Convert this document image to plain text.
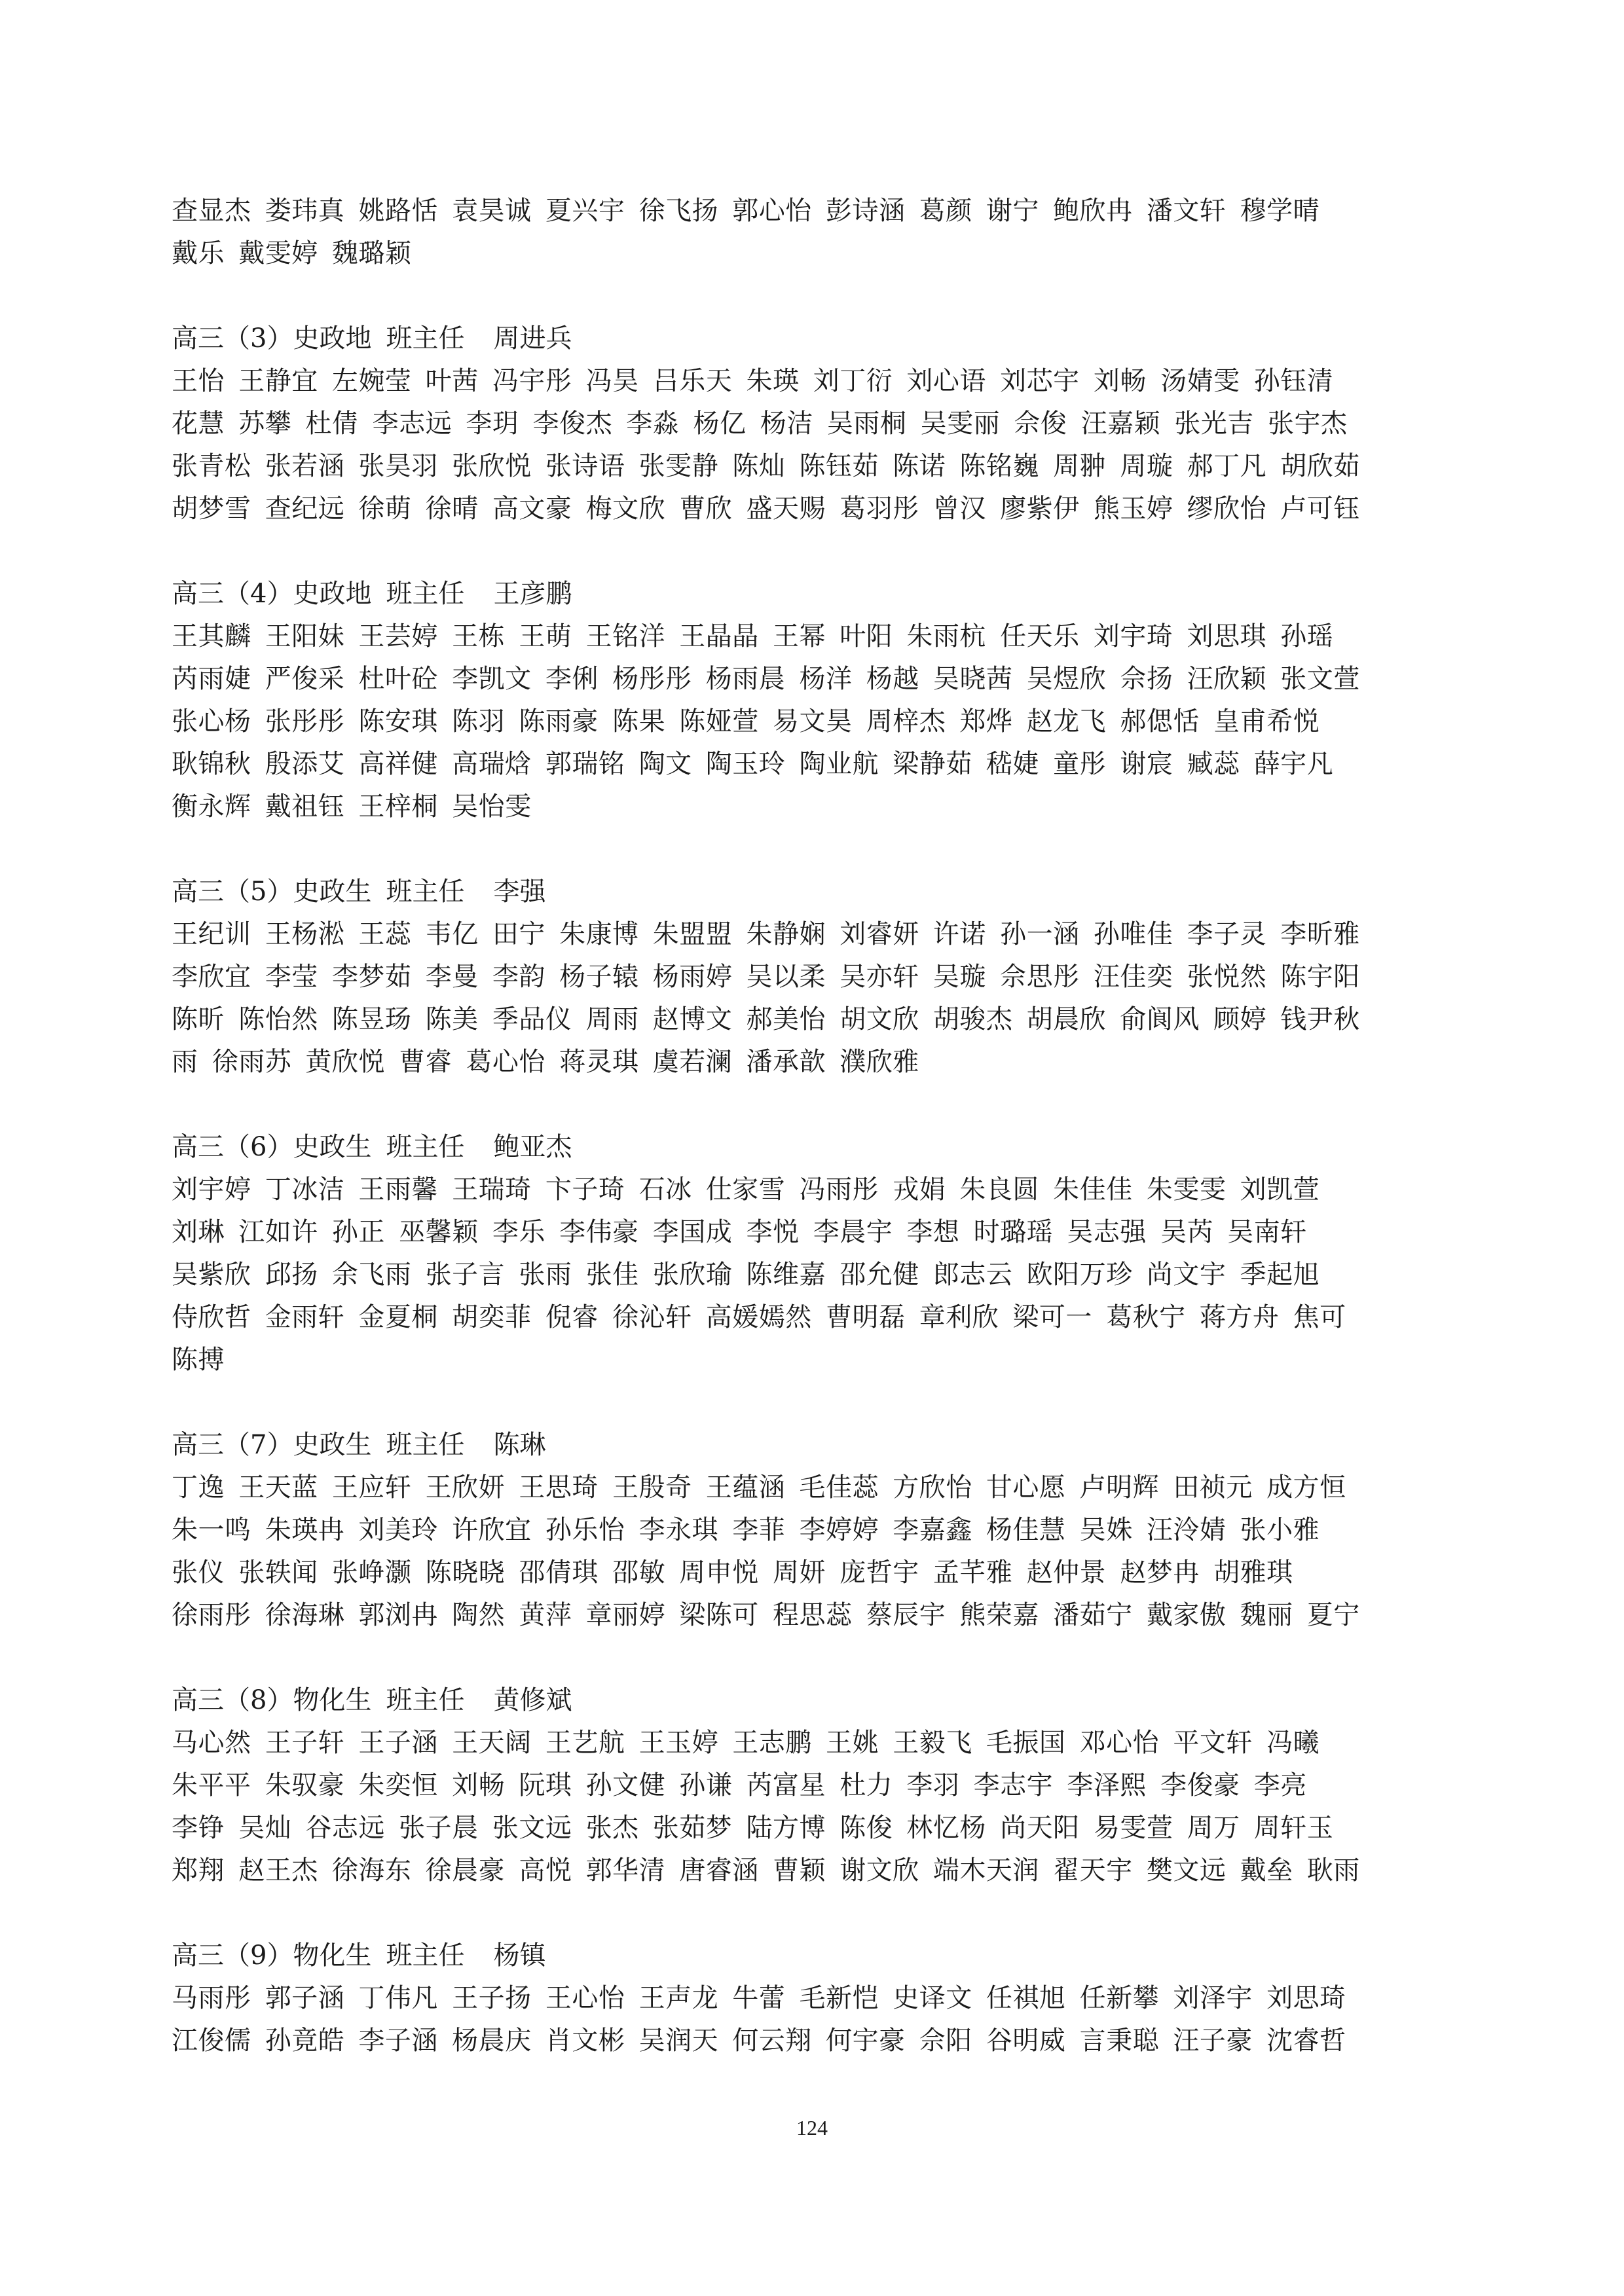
查显杰 娄玮真 姚路恬 袁昊诚 夏兴宇 徐飞扬 郭心怡 彭诗涵 葛颜 谢宁 鲍欣冉 潘文轩 穆学晴
戴乐 戴雯婷 魏璐颖
高三（3）史政地 班主任 周进兵
王怡 王静宜 左婉莹 叶茜 冯宇彤 冯昊 吕乐天 朱瑛 刘丁衍 刘心语 刘芯宇 刘畅 汤婧雯 孙钰清
花慧 苏攀 杜倩 李志远 李玥 李俊杰 李淼 杨亿 杨洁 吴雨桐 吴雯丽 佘俊 汪嘉颖 张光吉 张宇杰
张青松 张若涵 张昊羽 张欣悦 张诗语 张雯静 陈灿 陈钰茹 陈诺 陈铭巍 周翀 周璇 郝丁凡 胡欣茹
胡梦雪 查纪远 徐萌 徐晴 高文豪 梅文欣 曹欣 盛天赐 葛羽彤 曾汉 廖紫伊 熊玉婷 缪欣怡 卢可钰
高三（4）史政地 班主任 王彦鹏
王其麟 王阳妹 王芸婷 王栋 王萌 王铭洋 王晶晶 王幂 叶阳 朱雨杭 任天乐 刘宇琦 刘思琪 孙瑶
芮雨婕 严俊采 杜叶砼 李凯文 李俐 杨彤彤 杨雨晨 杨洋 杨越 吴晓茜 吴煜欣 佘扬 汪欣颖 张文萱
张心杨 张彤彤 陈安琪 陈羽 陈雨豪 陈果 陈娅萱 易文昊 周梓杰 郑烨 赵龙飞 郝偲恬 皇甫希悦
耿锦秋 殷添艾 高祥健 高瑞焓 郭瑞铭 陶文 陶玉玲 陶业航 梁静茹 嵇婕 童彤 谢宸 臧蕊 薛宇凡
衡永辉 戴祖钰 王梓桐 吴怡雯
高三（5）史政生 班主任 李强
王纪训 王杨淞 王蕊 韦亿 田宁 朱康博 朱盟盟 朱静娴 刘睿妍 许诺 孙一涵 孙唯佳 李子灵 李昕雅
李欣宜 李莹 李梦茹 李曼 李韵 杨子辕 杨雨婷 吴以柔 吴亦轩 吴璇 佘思彤 汪佳奕 张悦然 陈宇阳
陈昕 陈怡然 陈昱玚 陈美 季品仪 周雨 赵博文 郝美怡 胡文欣 胡骏杰 胡晨欣 俞阆风 顾婷 钱尹秋
雨 徐雨苏 黄欣悦 曹睿 葛心怡 蒋灵琪 虞若澜 潘承歆 濮欣雅
高三（6）史政生 班主任 鲍亚杰
刘宇婷 丁冰洁 王雨馨 王瑞琦 卞子琦 石冰 仕家雪 冯雨彤 戎娟 朱良圆 朱佳佳 朱雯雯 刘凯萱
刘琳 江如许 孙正 巫馨颖 李乐 李伟豪 李国成 李悦 李晨宇 李想 时璐瑶 吴志强 吴芮 吴南轩
吴紫欣 邱扬 余飞雨 张子言 张雨 张佳 张欣瑜 陈维嘉 邵允健 郎志云 欧阳万珍 尚文宇 季起旭
侍欣哲 金雨轩 金夏桐 胡奕菲 倪睿 徐沁轩 高媛嫣然 曹明磊 章利欣 梁可一 葛秋宁 蒋方舟 焦可
陈搏
高三（7）史政生 班主任 陈琳
丁逸 王天蓝 王应轩 王欣妍 王思琦 王殷奇 王蕴涵 毛佳蕊 方欣怡 甘心愿 卢明辉 田祯元 成方恒
朱一鸣 朱瑛冉 刘美玲 许欣宜 孙乐怡 李永琪 李菲 李婷婷 李嘉鑫 杨佳慧 吴姝 汪泠婧 张小雅
张仪 张轶闻 张峥灏 陈晓晓 邵倩琪 邵敏 周申悦 周妍 庞哲宇 孟芊雅 赵仲景 赵梦冉 胡雅琪
徐雨彤 徐海琳 郭浏冉 陶然 黄萍 章丽婷 梁陈可 程思蕊 蔡辰宇 熊荣嘉 潘茹宁 戴家傲 魏丽 夏宁
高三（8）物化生 班主任 黄修斌
马心然 王子轩 王子涵 王天阔 王艺航 王玉婷 王志鹏 王姚 王毅飞 毛振国 邓心怡 平文轩 冯曦
朱平平 朱驭豪 朱奕恒 刘畅 阮琪 孙文健 孙谦 芮富星 杜力 李羽 李志宇 李泽熙 李俊豪 李亮
李铮 吴灿 谷志远 张子晨 张文远 张杰 张茹梦 陆方博 陈俊 林忆杨 尚天阳 易雯萱 周万 周轩玉
郑翔 赵王杰 徐海东 徐晨豪 高悦 郭华清 唐睿涵 曹颖 谢文欣 端木天润 翟天宇 樊文远 戴垒 耿雨
高三（9）物化生 班主任 杨镇
马雨彤 郭子涵 丁伟凡 王子扬 王心怡 王声龙 牛蕾 毛新恺 史译文 任祺旭 任新攀 刘泽宇 刘思琦
江俊儒 孙竟皓 李子涵 杨晨庆 肖文彬 吴润天 何云翔 何宇豪 佘阳 谷明威 言秉聪 汪子豪 沈睿哲
124
